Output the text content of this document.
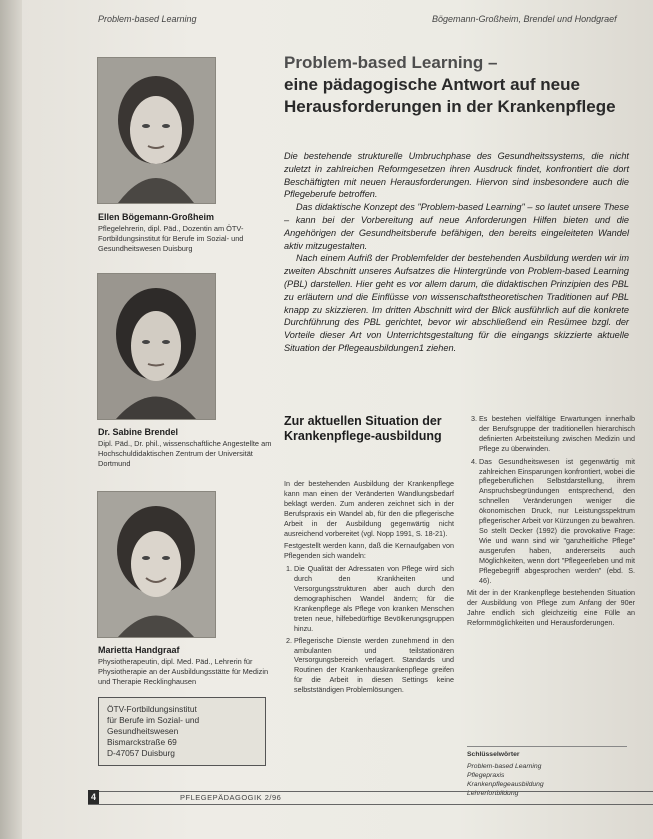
Problem-based Learning	Bögemann-Großheim, Brendel und Hondgraef
Ellen Bögemann-Großheim
Pflegelehrerin, dipl. Päd., Dozentin am ÖTV-Fortbildungsinstitut für Berufe im Sozial- und Gesundheitswesen Duisburg
Dr. Sabine Brendel
Dipl. Päd., Dr. phil., wissenschaftliche Angestellte am Hochschuldidaktischen Zentrum der Universität Dortmund
Marietta Handgraaf
Physiotherapeutin, dipl. Med. Päd., Lehrerin für Physiotherapie an der Ausbildungsstätte für Medizin und Therapie Recklinghausen
ÖTV-Fortbildungsinstitut
für Berufe im Sozial- und
Gesundheitswesen
Bismarckstraße 69
D-47057 Duisburg
Problem-based Learning –
eine pädagogische Antwort auf neue Herausforderungen in der Krankenpflege

Die bestehende strukturelle Umbruchphase des Gesundheitssystems, die nicht zuletzt in zahlreichen Reformgesetzen ihren Ausdruck findet, konfrontiert die dort Beschäftigten mit neuen Herausforderungen. Hiervon sind insbesondere auch die Pflegeberufe betroffen.

Das didaktische Konzept des "Problem-based Learning" – so lautet unsere These – kann bei der Vorbereitung auf neue Anforderungen Hilfen bieten und die Angehörigen der Gesundheitsberufe befähigen, den bereits eingeleiteten Wandel aktiv mitzugestalten.

Nach einem Aufriß der Problemfelder der bestehenden Ausbildung werden wir im zweiten Abschnitt unseres Aufsatzes die Hintergründe von Problem-based Learning (PBL) darstellen. Hier geht es vor allem darum, die didaktischen Prinzipien des PBL zu erläutern und die Einflüsse von wissenschaftstheoretischen Traditionen auf PBL knapp zu skizzieren. Im dritten Abschnitt wird der Blick ausführlich auf die konkrete Durchführung des PBL gerichtet, bevor wir abschließend ein Resümee bzgl. der Vorteile dieser Art von Unterrichtsgestaltung für die eingangs skizzierte aktuelle Situation der Pflegeausbildungen1 ziehen.

Zur aktuellen Situation der Krankenpflege-ausbildung

In der bestehenden Ausbildung der Krankenpflege kann man einen der Veränderten Wandlungsbedarf beklagt werden. Zum anderen zeichnet sich in der Berufspraxis ein Wandel ab, für den die pflegerische Arbeit in der Ausbildung gegenwärtig nicht ausreichend vorbereitet (vgl. Nopp 1991, S. 18-21).

Festgestellt werden kann, daß die Kernaufgaben von Pflegenden sich wandeln:

1. Die Qualität der Adressaten von Pflege wird sich durch den Krankheiten und Versorgungsstrukturen aber auch durch den demographischen Wandel ändern; für die Krankenpflege als Pflege von kranken Menschen treten neue, hilfebedürftige Bevölkerungsgruppen hinzu.
2. Pflegerische Dienste werden zunehmend in den ambulanten und teilstationären Versorgungsbereich verlagert. Standards und Routinen der Krankenhauskrankenpflege greifen für die Arbeit in diesen Settings keine selbstständigen Problemlösungen.
3. Es bestehen vielfältige Erwartungen innerhalb der Berufsgruppe der traditionellen hierarchisch definierten Arbeitsteilung zwischen Medizin und Pflege zu überwinden.
4. Das Gesundheitswesen ist gegenwärtig mit zahlreichen Einsparungen konfrontiert, wobei die pflegeberuflichen Selbstdarstellung, ihrem Anspruchsbegründungen entsprechend, den schnellen Veränderungen weniger die ökonomischen Druck, nur Leistungsspektrum pflegerischer Arbeit vor Kürzungen zu bewahren. So stellt Decker (1992) die provokative Frage: Wie und wann sind wir "ganzheitliche Pflege" ausgerufen haben, andererseits auch Möglichkeiten, wenn dort "Pflegeerleben und mit Pflegebegriff abgesprochen werden" (ebd. S. 46).

Mit der in der Krankenpflege bestehenden Situation der Ausbildung von Pflege zum Anfang der 90er Jahre endlich sich gleichzeitig eine Fülle an Reformmöglichkeiten und Herausforderungen.

Schlüsselwörter
Problem-based Learning
Pflegepraxis
Krankenpflegeausbildung
Lehrerfortbildung
4	PFLEGEPÄDAGOGIK 2/96
